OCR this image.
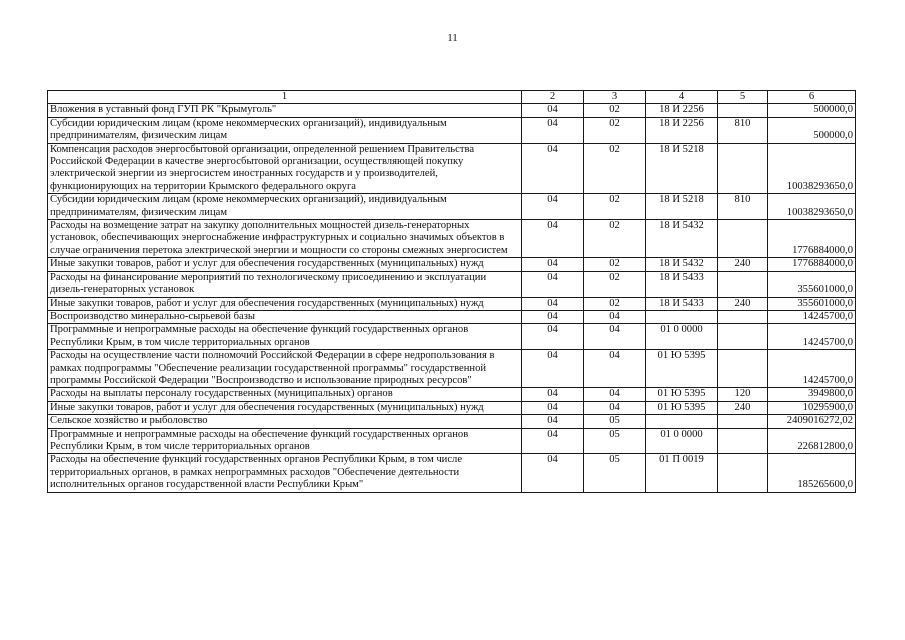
11
1	2	3	4	5	6
Вложения в уставный фонд ГУП РК "Крымуголь"	04	02	18 И 2256		500000,0
Субсидии юридическим лицам (кроме некоммерческих организаций), индивидуальным предпринимателям, физическим лицам	04	02	18 И 2256	810	500000,0
Компенсация расходов энергосбытовой организации, определенной решением Правительства Российской Федерации в качестве энергосбытовой организации, осуществляющей покупку электрической энергии из энергосистем иностранных государств и у производителей, функционирующих на территории Крымского федерального округа	04	02	18 И 5218		10038293650,0
Субсидии юридическим лицам (кроме некоммерческих организаций), индивидуальным предпринимателям, физическим лицам	04	02	18 И 5218	810	10038293650,0
Расходы на возмещение затрат на закупку дополнительных мощностей дизель-генераторных установок, обеспечивающих энергоснабжение инфраструктурных и социально значимых объектов в случае ограничения перетока электрической энергии и мощности со стороны смежных энергосистем	04	02	18 И 5432		1776884000,0
Иные закупки товаров, работ и услуг для обеспечения государственных (муниципальных) нужд	04	02	18 И 5432	240	1776884000,0
Расходы на финансирование мероприятий по технологическому присоединению и эксплуатации дизель-генераторных установок	04	02	18 И 5433		355601000,0
Иные закупки товаров, работ и услуг для обеспечения государственных (муниципальных) нужд	04	02	18 И 5433	240	355601000,0
Воспроизводство минерально-сырьевой базы	04	04			14245700,0
Программные и непрограммные расходы на обеспечение функций государственных органов Республики Крым, в том числе территориальных органов	04	04	01 0 0000		14245700,0
Расходы на осуществление части полномочий Российской Федерации в сфере недропользования в рамках подпрограммы "Обеспечение реализации государственной программы" государственной программы Российской Федерации "Воспроизводство и использование природных ресурсов"	04	04	01 Ю 5395		14245700,0
Расходы на выплаты персоналу государственных (муниципальных) органов	04	04	01 Ю 5395	120	3949800,0
Иные закупки товаров, работ и услуг для обеспечения государственных (муниципальных) нужд	04	04	01 Ю 5395	240	10295900,0
Сельское хозяйство и рыболовство	04	05			2409016272,02
Программные и непрограммные расходы на обеспечение функций государственных органов Республики Крым, в том числе территориальных органов	04	05	01 0 0000		226812800,0
Расходы на обеспечение функций государственных органов Республики Крым, в том числе территориальных органов, в рамках непрограммных расходов "Обеспечение деятельности исполнительных органов государственной власти Республики Крым"	04	05	01 П 0019		185265600,0
